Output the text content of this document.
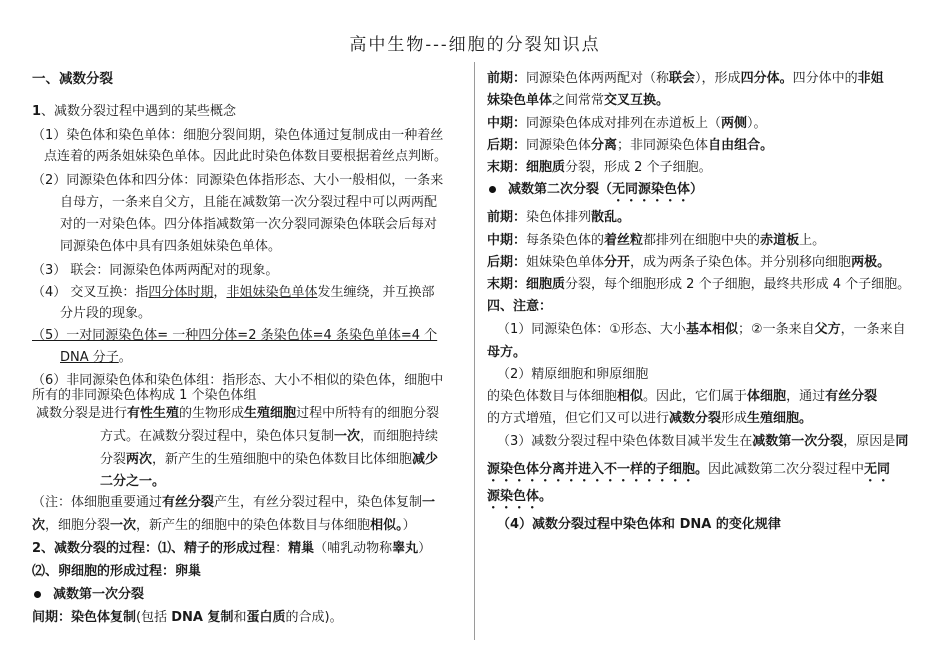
高中生物---细胞的分裂知识点
一、减数分裂
1、减数分裂过程中遇到的某些概念
（1）染色体和染色单体：细胞分裂间期，染色体通过复制成由一种着丝
点连着的两条姐妹染色单体。因此此时染色体数目要根据着丝点判断。
（2）同源染色体和四分体：同源染色体指形态、大小一般相似，一条来
自母方，一条来自父方，且能在减数第一次分裂过程中可以两两配
对的一对染色体。四分体指减数第一次分裂同源染色体联会后每对
同源染色体中具有四条姐妹染色单体。
（3） 联会：同源染色体两两配对的现象。
（4） 交叉互换：指四分体时期，非姐妹染色单体发生缠绕，并互换部
分片段的现象。
（5）一对同源染色体= 一种四分体=2 条染色体=4 条染色单体=4 个
DNA 分子。
（6）非同源染色体和染色体组：指形态、大小不相似的染色体，细胞中
所有的非同源染色体构成 1 个染色体组
减数分裂是进行有性生殖的生物形成生殖细胞过程中所特有的细胞分裂
方式。在减数分裂过程中，染色体只复制一次，而细胞持续
分裂两次，新产生的生殖细胞中的染色体数目比体细胞减少
二分之一。
（注：体细胞重要通过有丝分裂产生，有丝分裂过程中，染色体复制一
次，细胞分裂一次，新产生的细胞中的染色体数目与体细胞相似。）
2、减数分裂的过程：⑴、精子的形成过程：精巢（哺乳动物称睾丸）
⑵、卵细胞的形成过程：卵巢
减数第一次分裂
间期：染色体复制(包括 DNA 复制和蛋白质的合成)。
前期：同源染色体两两配对（称联会），形成四分体。四分体中的非姐
妹染色单体之间常常交叉互换。
中期：同源染色体成对排列在赤道板上（两侧）。
后期：同源染色体分离；非同源染色体自由组合。
末期：细胞质分裂，形成 2 个子细胞。
减数第二次分裂（无同源染色体）
前期：染色体排列散乱。
中期：每条染色体的着丝粒都排列在细胞中央的赤道板上。
后期：姐妹染色单体分开，成为两条子染色体。并分别移向细胞两极。
末期：细胞质分裂，每个细胞形成 2 个子细胞，最终共形成 4 个子细胞。
四、注意：
（1）同源染色体：①形态、大小基本相似；②一条来自父方，一条来自
母方。
（2）精原细胞和卵原细胞
的染色体数目与体细胞相似。因此，它们属于体细胞，通过有丝分裂
的方式增殖，但它们又可以进行减数分裂形成生殖细胞。
（3）减数分裂过程中染色体数目减半发生在减数第一次分裂，原因是同
源染色体分离并进入不一样的子细胞。因此减数第二次分裂过程中无同
源染色体。
（4）减数分裂过程中染色体和 DNA 的变化规律
